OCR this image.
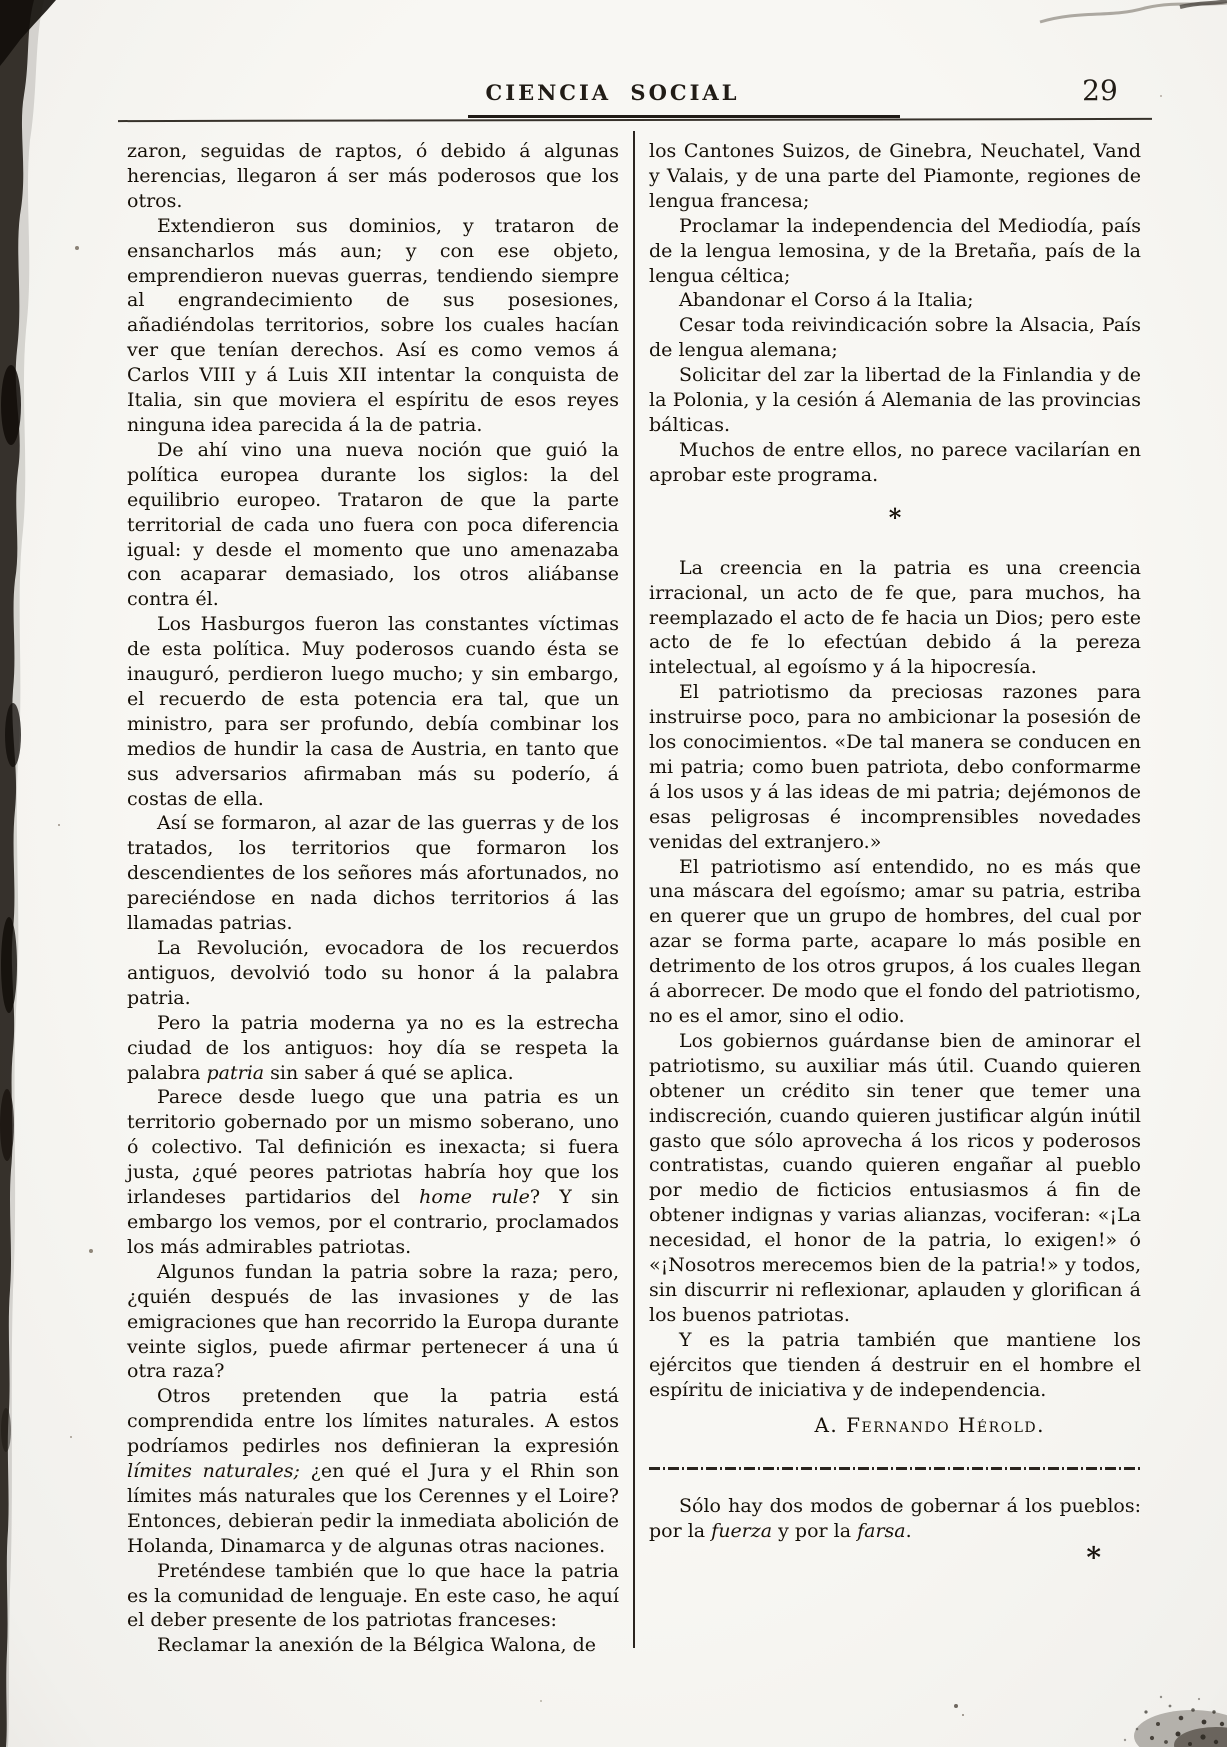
CIENCIA SOCIAL	29

zaron, seguidas de raptos, ó debido á algunas herencias, llegaron á ser más poderosos que los otros.

Extendieron sus dominios, y trataron de ensancharlos más aun; y con ese objeto, emprendieron nuevas guerras, tendiendo siempre al engrandecimiento de sus posesiones, añadiéndolas territorios, sobre los cuales hacían ver que tenían derechos. Así es como vemos á Carlos VIII y á Luis XII intentar la conquista de Italia, sin que moviera el espíritu de esos reyes ninguna idea parecida á la de patria.

De ahí vino una nueva noción que guió la política europea durante los siglos: la del equilibrio europeo. Trataron de que la parte territorial de cada uno fuera con poca diferencia igual: y desde el momento que uno amenazaba con acaparar demasiado, los otros aliábanse contra él.

Los Hasburgos fueron las constantes víctimas de esta política. Muy poderosos cuando ésta se inauguró, perdieron luego mucho; y sin embargo, el recuerdo de esta potencia era tal, que un ministro, para ser profundo, debía combinar los medios de hundir la casa de Austria, en tanto que sus adversarios afirmaban más su poderío, á costas de ella.

Así se formaron, al azar de las guerras y de los tratados, los territorios que formaron los descendientes de los señores más afortunados, no pareciéndose en nada dichos territorios á las llamadas patrias.

La Revolución, evocadora de los recuerdos antiguos, devolvió todo su honor á la palabra patria.

Pero la patria moderna ya no es la estrecha ciudad de los antiguos: hoy día se respeta la palabra patria sin saber á qué se aplica.

Parece desde luego que una patria es un territorio gobernado por un mismo soberano, uno ó colectivo. Tal definición es inexacta; si fuera justa, ¿qué peores patriotas habría hoy que los irlandeses partidarios del home rule? Y sin embargo los vemos, por el contrario, proclamados los más admirables patriotas.

Algunos fundan la patria sobre la raza; pero, ¿quién después de las invasiones y de las emigraciones que han recorrido la Europa durante veinte siglos, puede afirmar pertenecer á una ú otra raza?

Otros pretenden que la patria está comprendida entre los límites naturales. A estos podríamos pedirles nos definieran la expresión límites naturales; ¿en qué el Jura y el Rhin son límites más naturales que los Cerennes y el Loire? Entonces, debieran pedir la inmediata abolición de Holanda, Dinamarca y de algunas otras naciones.

Preténdese también que lo que hace la patria es la comunidad de lenguaje. En este caso, he aquí el deber presente de los patriotas franceses:

Reclamar la anexión de la Bélgica Walona, de

los Cantones Suizos, de Ginebra, Neuchatel, Vand y Valais, y de una parte del Piamonte, regiones de lengua francesa;

Proclamar la independencia del Mediodía, país de la lengua lemosina, y de la Bretaña, país de la lengua céltica;

Abandonar el Corso á la Italia;

Cesar toda reivindicación sobre la Alsacia, País de lengua alemana;

Solicitar del zar la libertad de la Finlandia y de la Polonia, y la cesión á Alemania de las provincias bálticas.

Muchos de entre ellos, no parece vacilarían en aprobar este programa.

*

La creencia en la patria es una creencia irracional, un acto de fe que, para muchos, ha reemplazado el acto de fe hacia un Dios; pero este acto de fe lo efectúan debido á la pereza intelectual, al egoísmo y á la hipocresía.

El patriotismo da preciosas razones para instruirse poco, para no ambicionar la posesión de los conocimientos. «De tal manera se conducen en mi patria; como buen patriota, debo conformarme á los usos y á las ideas de mi patria; dejémonos de esas peligrosas é incomprensibles novedades venidas del extranjero.»

El patriotismo así entendido, no es más que una máscara del egoísmo; amar su patria, estriba en querer que un grupo de hombres, del cual por azar se forma parte, acapare lo más posible en detrimento de los otros grupos, á los cuales llegan á aborrecer. De modo que el fondo del patriotismo, no es el amor, sino el odio.

Los gobiernos guárdanse bien de aminorar el patriotismo, su auxiliar más útil. Cuando quieren obtener un crédito sin tener que temer una indiscreción, cuando quieren justificar algún inútil gasto que sólo aprovecha á los ricos y poderosos contratistas, cuando quieren engañar al pueblo por medio de ficticios entusiasmos á fin de obtener indignas y varias alianzas, vociferan: «¡La necesidad, el honor de la patria, lo exigen!» ó «¡Nosotros merecemos bien de la patria!» y todos, sin discurrir ni reflexionar, aplauden y glorifican á los buenos patriotas.

Y es la patria también que mantiene los ejércitos que tienden á destruir en el hombre el espíritu de iniciativa y de independencia.

A. Fernando Hérold.

Sólo hay dos modos de gobernar á los pueblos: por la fuerza y por la farsa.

*
